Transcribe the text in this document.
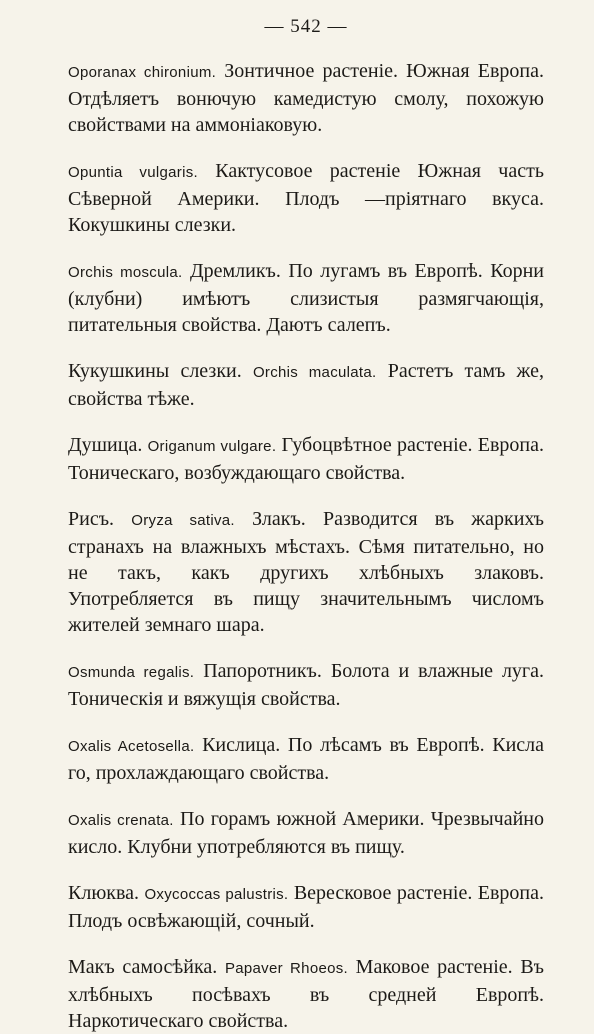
— 542 —

Oporanax chironium. Зонтичное растеніе. Южная Европа. Отдѣляетъ вонючую камедистую смолу, похожую свойствами на аммоніаковую.

Opuntia vulgaris. Кактусовое растеніе Южная часть Сѣверной Америки. Плодъ —пріятнаго вкуса. Кокушкины слезки.

Orchis moscula. Дремликъ. По лугамъ въ Европѣ. Корни (клубни) имѣютъ слизистыя размягчающія, питательныя свойства. Даютъ салепъ.

Кукушкины слезки. Orchis maculata. Растетъ тамъ же, свойства тѣже.

Душица. Origanum vulgare. Губоцвѣтное растеніе. Европа. Тоническаго, возбуждающаго свойства.

Рисъ. Oryza sativa. Злакъ. Разводится въ жаркихъ странахъ на влажныхъ мѣстахъ. Сѣмя питательно, но не такъ, какъ другихъ хлѣбныхъ злаковъ. Употребляется въ пищу значительнымъ числомъ жителей земнаго шара.

Osmunda regalis. Папоротникъ. Болота и влажные луга. Тоническія и вяжущія свойства.

Oxalis Acetosella. Кислица. По лѣсамъ въ Европѣ. Кисла го, прохлаждающаго свойства.

Oxalis crenata. По горамъ южной Америки. Чрезвычайно кисло. Клубни употребляются въ пищу.

Клюква. Oxycoccas palustris. Вересковое растеніе. Европа. Плодъ освѣжающій, сочный.

Макъ самосѣйка. Papaver Rhoeos. Маковое растеніе. Въ хлѣбныхъ посѣвахъ въ средней Европѣ. Наркотическаго свойства.
